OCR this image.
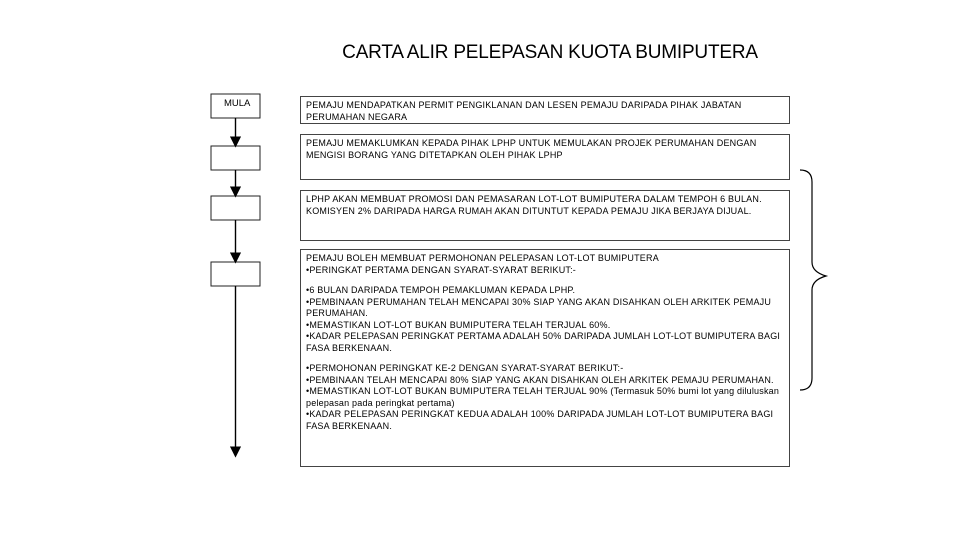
CARTA ALIR PELEPASAN KUOTA BUMIPUTERA
MULA	PEMAJU MENDAPATKAN PERMIT PENGIKLANAN DAN LESEN PEMAJU DARIPADA PIHAK JABATAN PERUMAHAN NEGARA

PEMAJU MEMAKLUMKAN KEPADA PIHAK LPHP UNTUK MEMULAKAN PROJEK PERUMAHAN DENGAN MENGISI BORANG YANG DITETAPKAN OLEH PIHAK LPHP

LPHP AKAN MEMBUAT PROMOSI DAN PEMASARAN LOT-LOT BUMIPUTERA DALAM TEMPOH 6 BULAN. KOMISYEN 2% DARIPADA HARGA RUMAH AKAN DITUNTUT KEPADA PEMAJU JIKA BERJAYA DIJUAL.

PEMAJU BOLEH MEMBUAT PERMOHONAN PELEPASAN LOT-LOT BUMIPUTERA
•PERINGKAT PERTAMA DENGAN SYARAT-SYARAT BERIKUT:-

•6 BULAN DARIPADA TEMPOH PEMAKLUMAN KEPADA LPHP.
•PEMBINAAN PERUMAHAN TELAH MENCAPAI 30% SIAP YANG AKAN DISAHKAN OLEH ARKITEK PEMAJU PERUMAHAN.
•MEMASTIKAN LOT-LOT BUKAN BUMIPUTERA TELAH TERJUAL 60%.
•KADAR PELEPASAN PERINGKAT PERTAMA ADALAH 50% DARIPADA JUMLAH LOT-LOT BUMIPUTERA BAGI FASA BERKENAAN.

•PERMOHONAN PERINGKAT KE-2 DENGAN SYARAT-SYARAT BERIKUT:-
•PEMBINAAN TELAH MENCAPAI 80% SIAP YANG AKAN DISAHKAN OLEH ARKITEK PEMAJU PERUMAHAN.
•MEMASTIKAN LOT-LOT BUKAN BUMIPUTERA TELAH TERJUAL 90% (Termasuk 50% bumi lot yang diluluskan pelepasan pada peringkat pertama)
•KADAR PELEPASAN PERINGKAT KEDUA ADALAH 100% DARIPADA JUMLAH LOT-LOT BUMIPUTERA BAGI FASA BERKENAAN.
